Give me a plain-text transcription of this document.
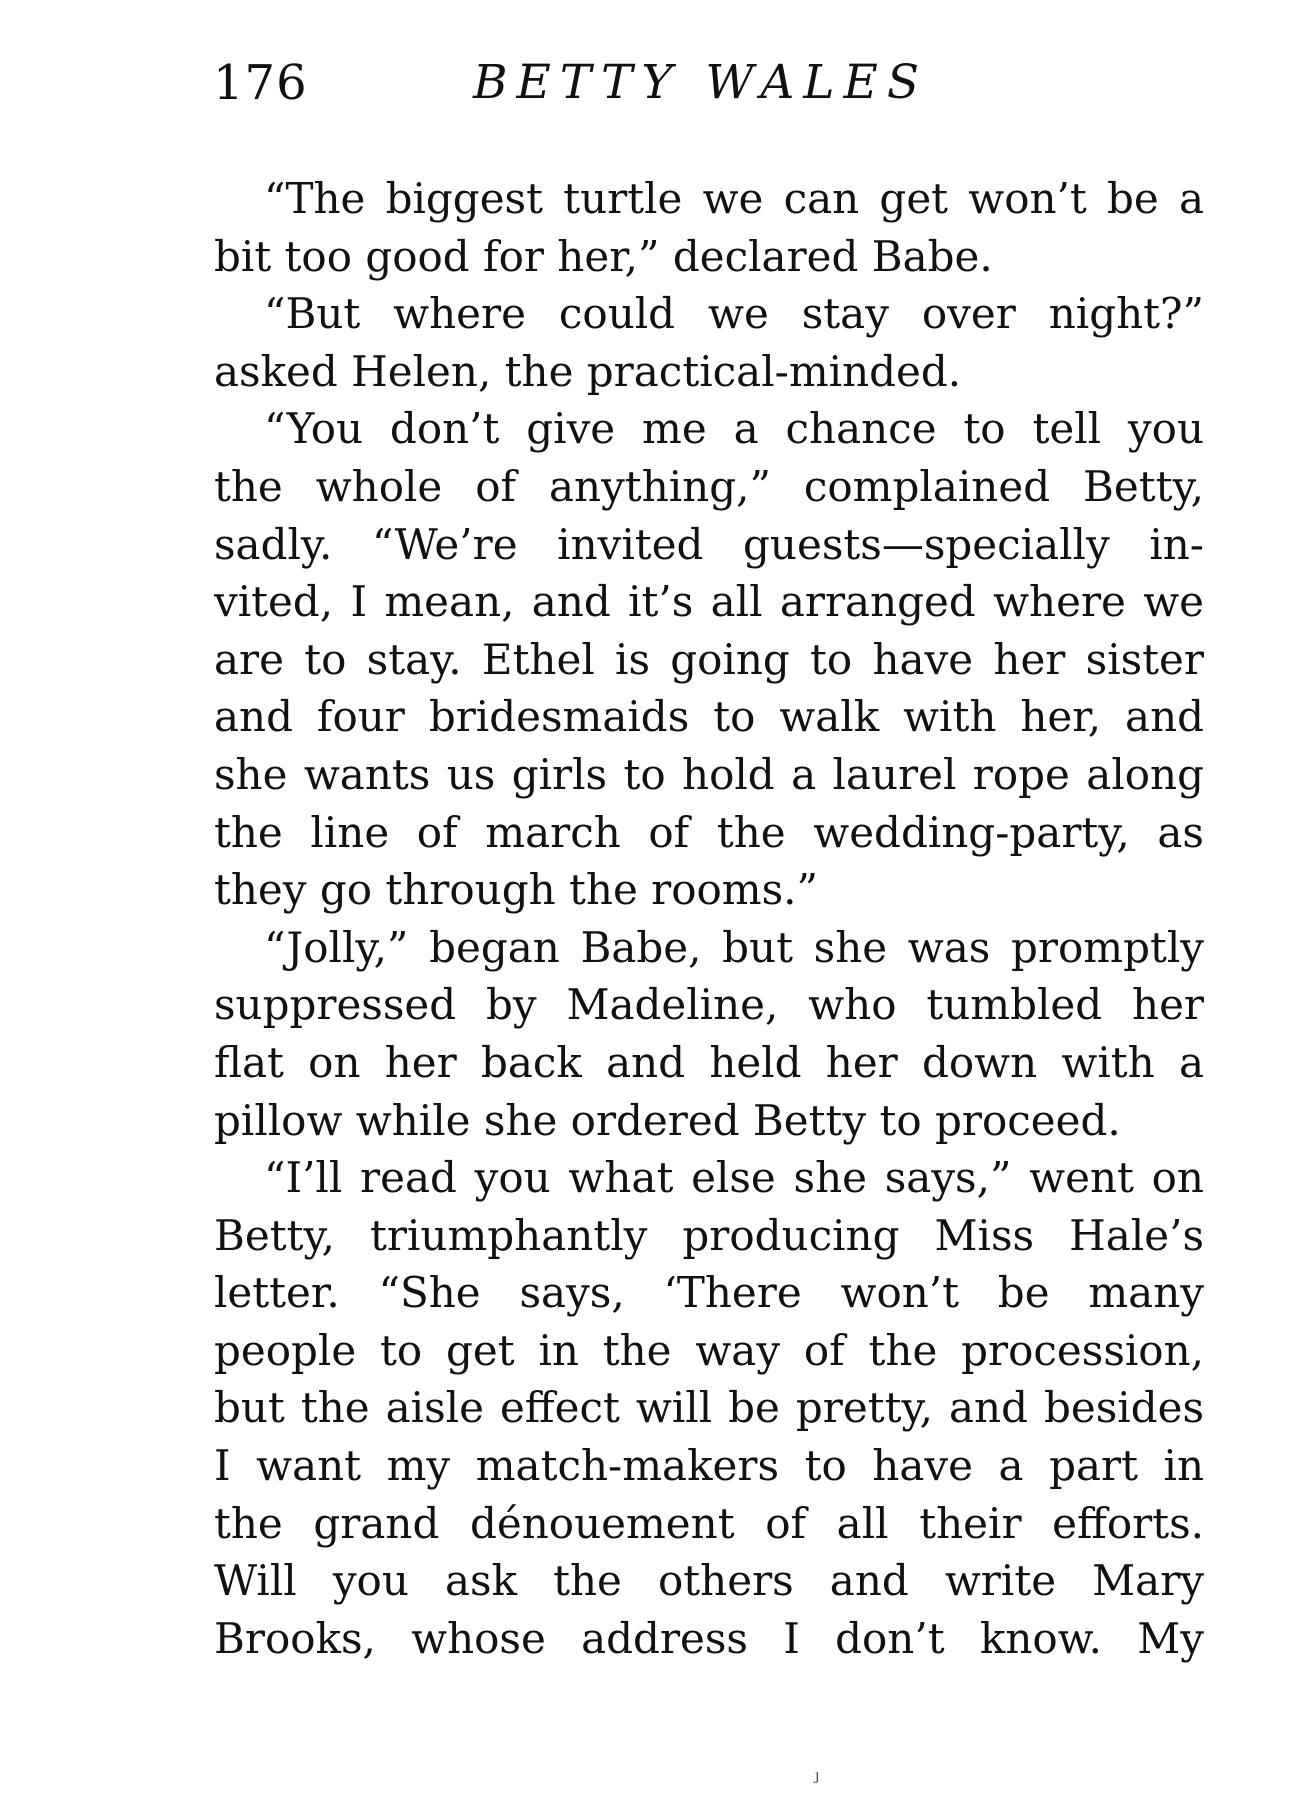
176	BETTY WALES
“The biggest turtle we can get won’t be a
bit too good for her,” declared Babe.
“But where could we stay over night?”
asked Helen, the practical-minded.
“You don’t give me a chance to tell you
the whole of anything,” complained Betty,
sadly. “We’re invited guests—specially in-
vited, I mean, and it’s all arranged where we
are to stay. Ethel is going to have her sister
and four bridesmaids to walk with her, and
she wants us girls to hold a laurel rope along
the line of march of the wedding-party, as
they go through the rooms.”
“Jolly,” began Babe, but she was promptly
suppressed by Madeline, who tumbled her
flat on her back and held her down with a
pillow while she ordered Betty to proceed.
“I’ll read you what else she says,” went on
Betty, triumphantly producing Miss Hale’s
letter. “She says, ‘There won’t be many
people to get in the way of the procession,
but the aisle effect will be pretty, and besides
I want my match-makers to have a part in
the grand dénouement of all their efforts.
Will you ask the others and write Mary
Brooks, whose address I don’t know. My
ȷ
